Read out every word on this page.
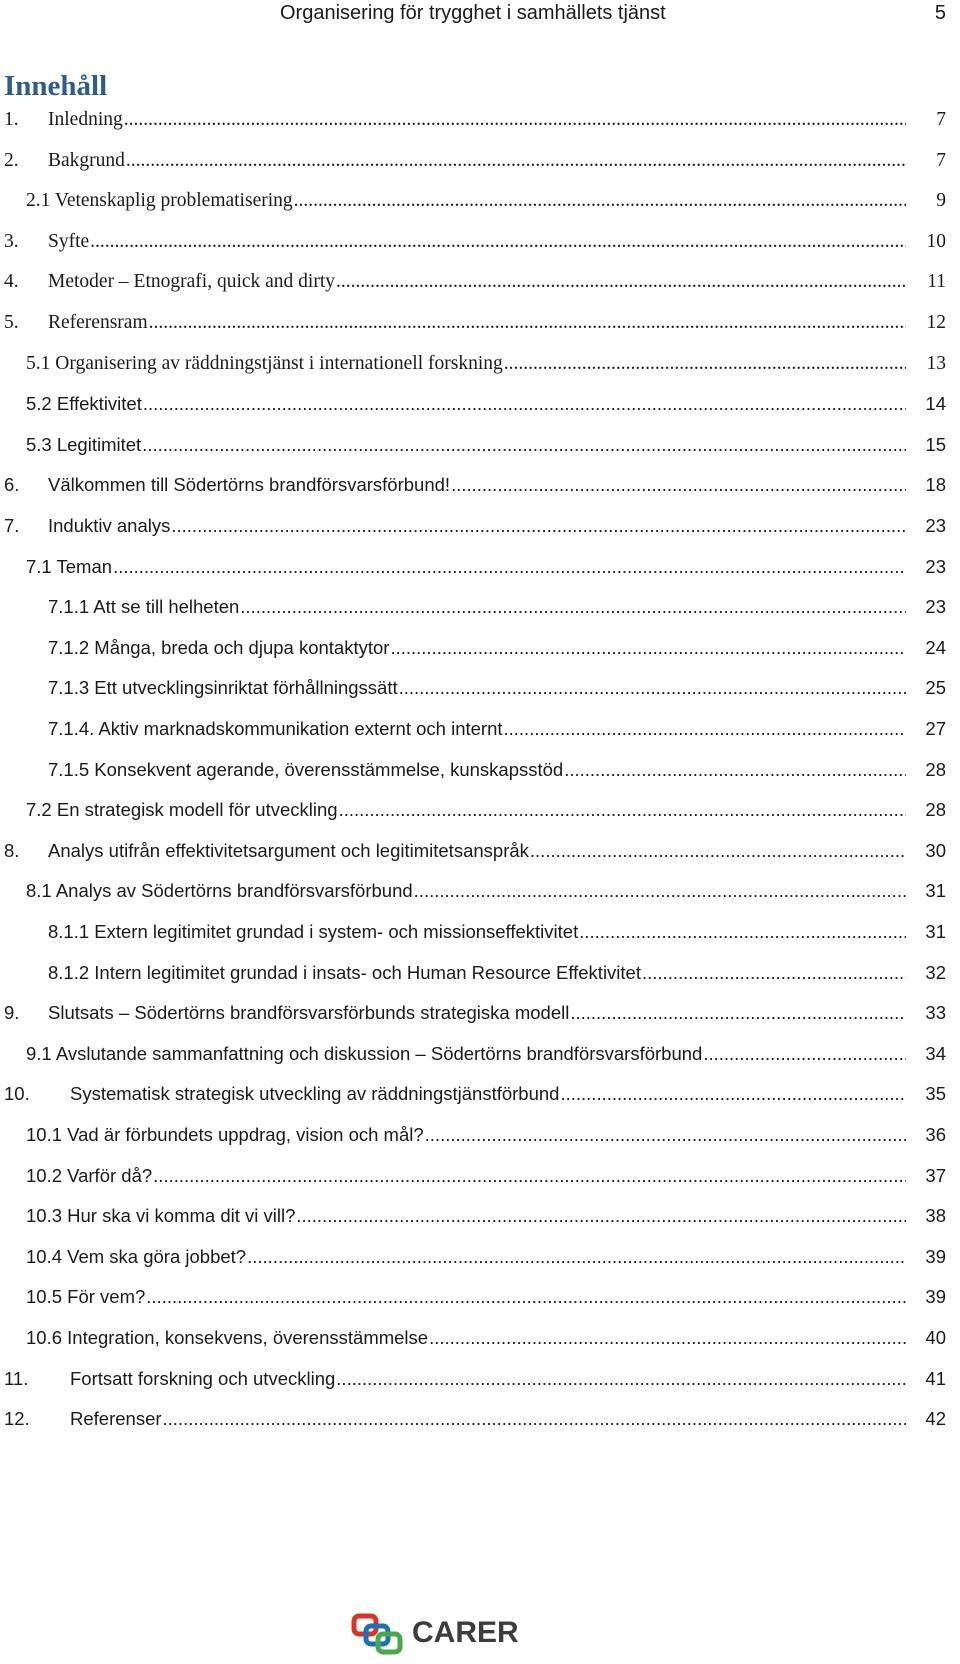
Organisering för trygghet i samhällets tjänst	5
Innehåll
1. Inledning .....	7
2. Bakgrund .....	7
2.1 Vetenskaplig problematisering .....	9
3. Syfte .....	10
4. Metoder – Etnografi, quick and dirty .....	11
5. Referensram .....	12
5.1 Organisering av räddningstjänst i internationell forskning .....	13
5.2 Effektivitet .....	14
5.3 Legitimitet .....	15
6. Välkommen till Södertörns brandförsvarsförbund! .....	18
7. Induktiv analys .....	23
7.1 Teman .....	23
7.1.1 Att se till helheten .....	23
7.1.2 Många, breda och djupa kontaktytor .....	24
7.1.3 Ett utvecklingsinriktat förhållningssätt .....	25
7.1.4. Aktiv marknadskommunikation externt och internt .....	27
7.1.5 Konsekvent agerande, överensstämmelse, kunskapsstöd .....	28
7.2 En strategisk modell för utveckling .....	28
8. Analys utifrån effektivitetsargument och legitimitetsanspråk .....	30
8.1 Analys av Södertörns brandförsvarsförbund .....	31
8.1.1 Extern legitimitet grundad i system- och missionseffektivitet .....	31
8.1.2 Intern legitimitet grundad i insats- och Human Resource Effektivitet .....	32
9. Slutsats – Södertörns brandförsvarsförbunds strategiska modell .....	33
9.1 Avslutande sammanfattning och diskussion – Södertörns brandförsvarsförbund .....	34
10. Systematisk strategisk utveckling av räddningstjänstförbund .....	35
10.1 Vad är förbundets uppdrag, vision och mål? .....	36
10.2 Varför då? .....	37
10.3 Hur ska vi komma dit vi vill? .....	38
10.4 Vem ska göra jobbet? .....	39
10.5 För vem? .....	39
10.6 Integration, konsekvens, överensstämmelse .....	40
11. Fortsatt forskning och utveckling .....	41
12. Referenser .....	42
CARER
